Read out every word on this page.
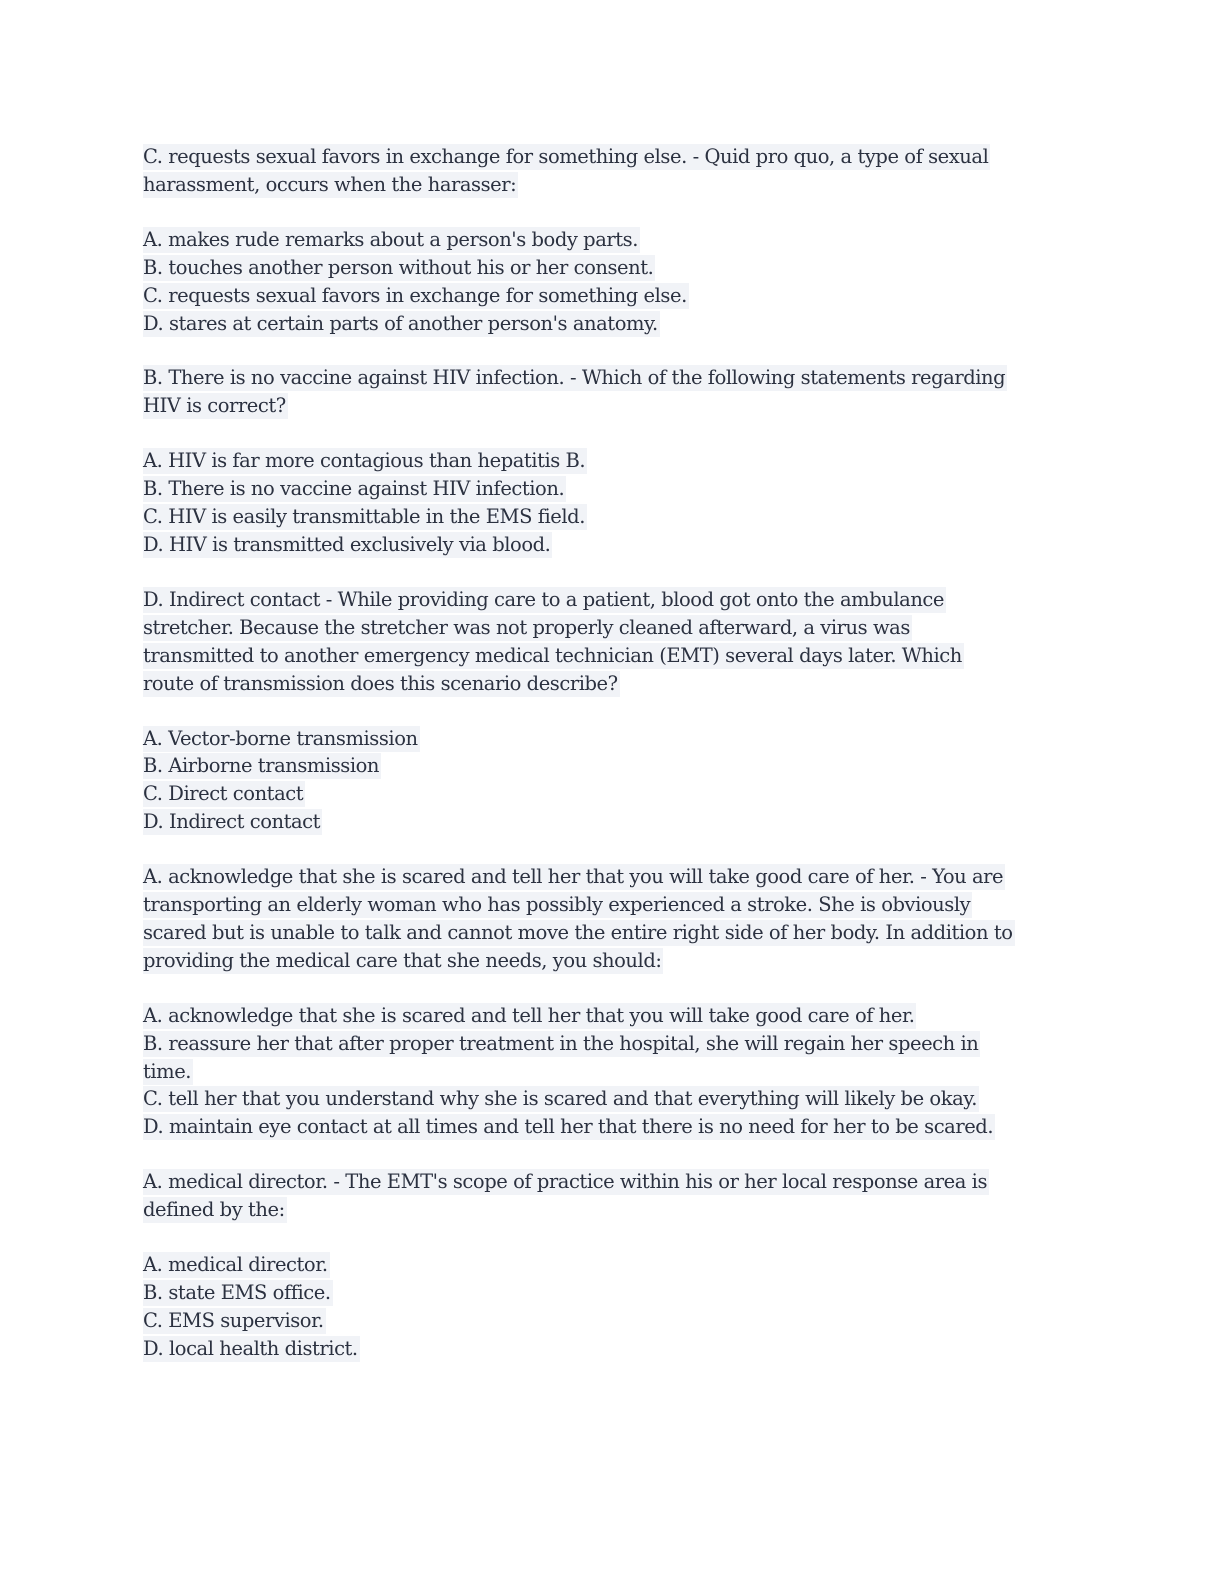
C. requests sexual favors in exchange for something else. - Quid pro quo, a type of sexual
harassment, occurs when the harasser:
A. makes rude remarks about a person's body parts.
B. touches another person without his or her consent.
C. requests sexual favors in exchange for something else.
D. stares at certain parts of another person's anatomy.
B. There is no vaccine against HIV infection. - Which of the following statements regarding
HIV is correct?
A. HIV is far more contagious than hepatitis B.
B. There is no vaccine against HIV infection.
C. HIV is easily transmittable in the EMS field.
D. HIV is transmitted exclusively via blood.
D. Indirect contact - While providing care to a patient, blood got onto the ambulance
stretcher. Because the stretcher was not properly cleaned afterward, a virus was
transmitted to another emergency medical technician (EMT) several days later. Which
route of transmission does this scenario describe?
A. Vector-borne transmission
B. Airborne transmission
C. Direct contact
D. Indirect contact
A. acknowledge that she is scared and tell her that you will take good care of her. - You are
transporting an elderly woman who has possibly experienced a stroke. She is obviously
scared but is unable to talk and cannot move the entire right side of her body. In addition to
providing the medical care that she needs, you should:
A. acknowledge that she is scared and tell her that you will take good care of her.
B. reassure her that after proper treatment in the hospital, she will regain her speech in
time.
C. tell her that you understand why she is scared and that everything will likely be okay.
D. maintain eye contact at all times and tell her that there is no need for her to be scared.
A. medical director. - The EMT's scope of practice within his or her local response area is
defined by the:
A. medical director.
B. state EMS office.
C. EMS supervisor.
D. local health district.
